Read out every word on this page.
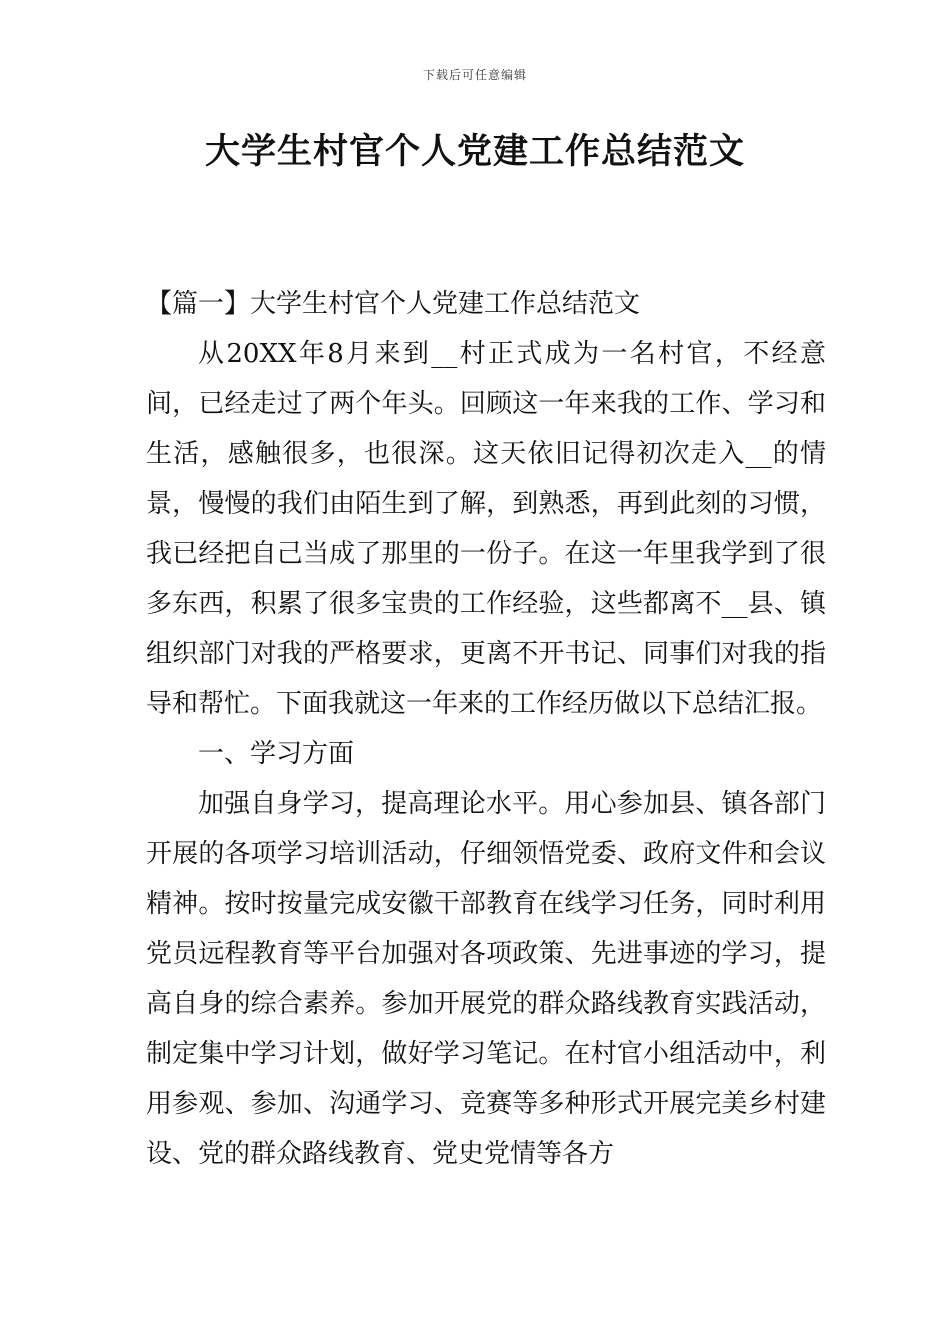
下载后可任意编辑
大学生村官个人党建工作总结范文

【篇一】大学生村官个人党建工作总结范文

从20XX年8月来到__村正式成为一名村官，不经意间，已经走过了两个年头。回顾这一年来我的工作、学习和生活，感触很多，也很深。这天依旧记得初次走入__的情景，慢慢的我们由陌生到了解，到熟悉，再到此刻的习惯，我已经把自己当成了那里的一份子。在这一年里我学到了很多东西，积累了很多宝贵的工作经验，这些都离不__县、镇组织部门对我的严格要求，更离不开书记、同事们对我的指导和帮忙。下面我就这一年来的工作经历做以下总结汇报。

一、学习方面

加强自身学习，提高理论水平。用心参加县、镇各部门开展的各项学习培训活动，仔细领悟党委、政府文件和会议精神。按时按量完成安徽干部教育在线学习任务，同时利用党员远程教育等平台加强对各项政策、先进事迹的学习，提高自身的综合素养。参加开展党的群众路线教育实践活动，制定集中学习计划，做好学习笔记。在村官小组活动中，利用参观、参加、沟通学习、竞赛等多种形式开展完美乡村建设、党的群众路线教育、党史党情等各方
